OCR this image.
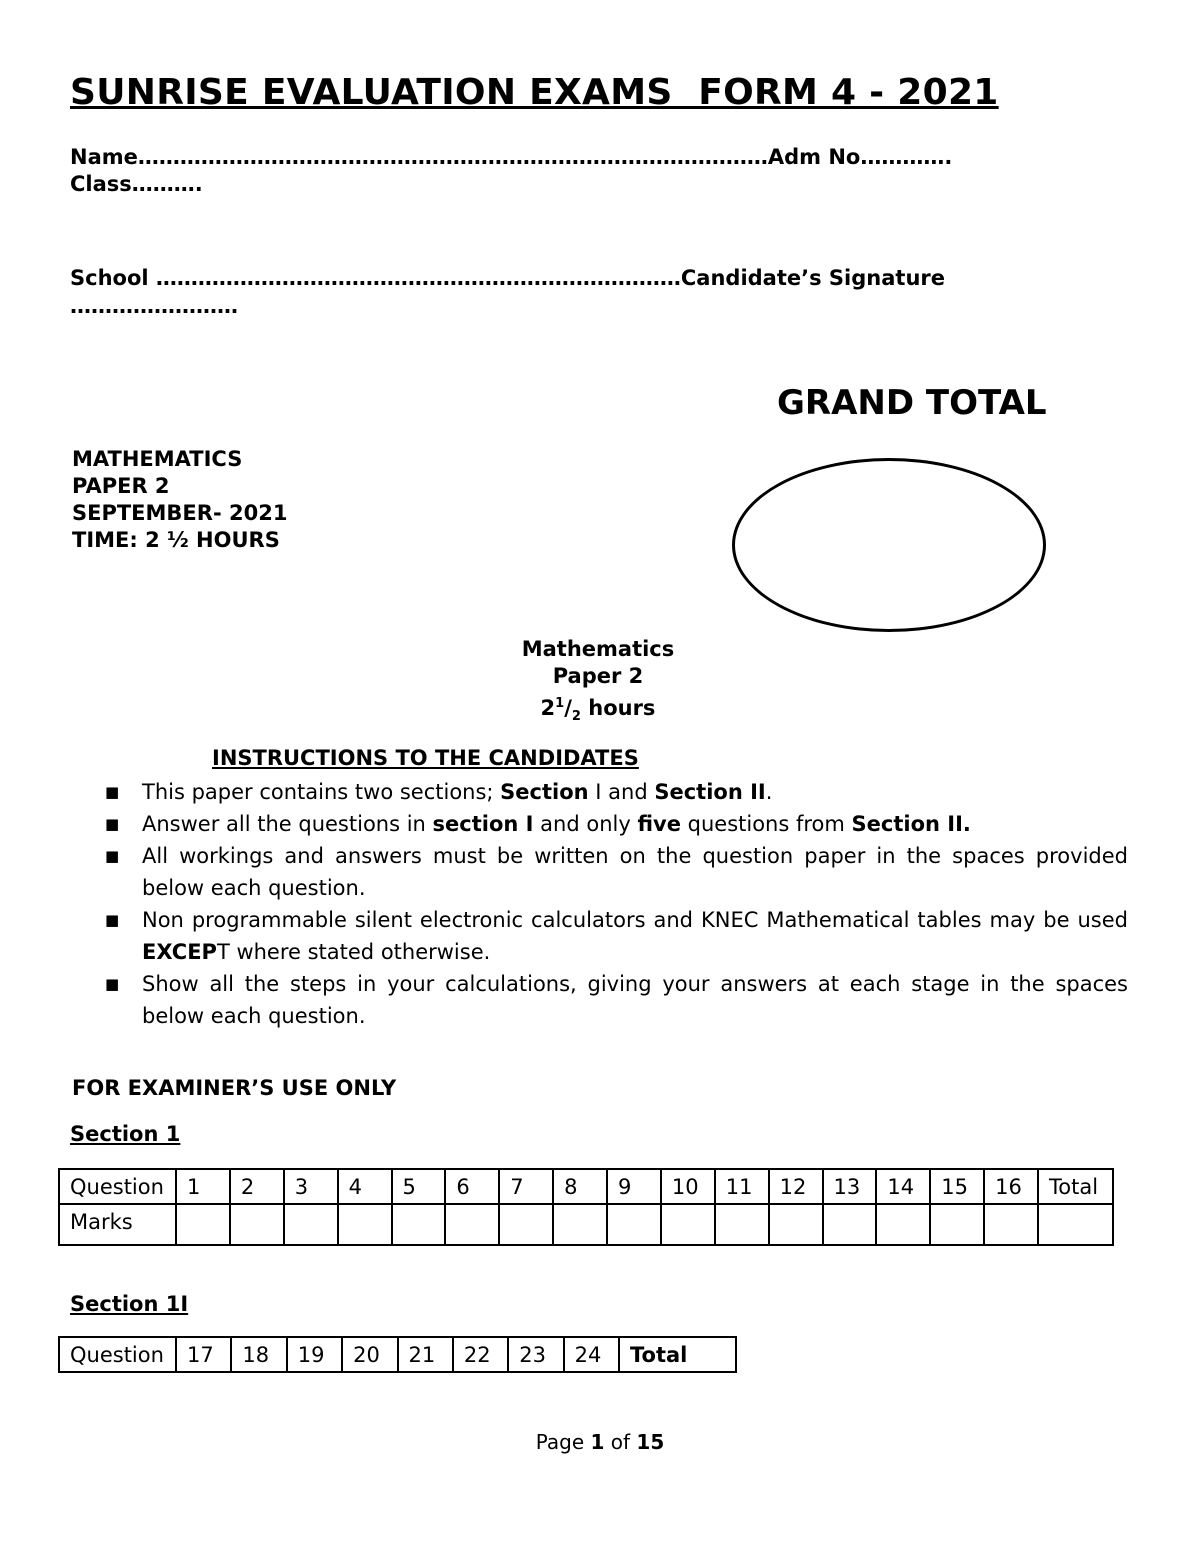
SUNRISE EVALUATION EXAMS  FORM 4 - 2021
Name………………………………………………………………………………Adm No………….
Class……….
School …………………………………………………………………Candidate’s Signature
……………………
GRAND TOTAL
MATHEMATICS
PAPER 2
SEPTEMBER- 2021
TIME: 2 ½ HOURS
Mathematics
Paper 2
$2^1/_2$ hours
INSTRUCTIONS TO THE CANDIDATES
■ This paper contains two sections; Section I and Section II.
■ Answer all the questions in section I and only five questions from Section II.
■ All workings and answers must be written on the question paper in the spaces provided below each question.
■ Non programmable silent electronic calculators and KNEC Mathematical tables may be used EXCEPT where stated otherwise.
■ Show all the steps in your calculations, giving your answers at each stage in the spaces below each question.
FOR EXAMINER’S USE ONLY
Section 1
Question	1	2	3	4	5	6	7	8	9	10	11	12	13	14	15	16	Total
Marks																	
Section 1I
Question	17	18	19	20	21	22	23	24	Total
Page 1 of 15
